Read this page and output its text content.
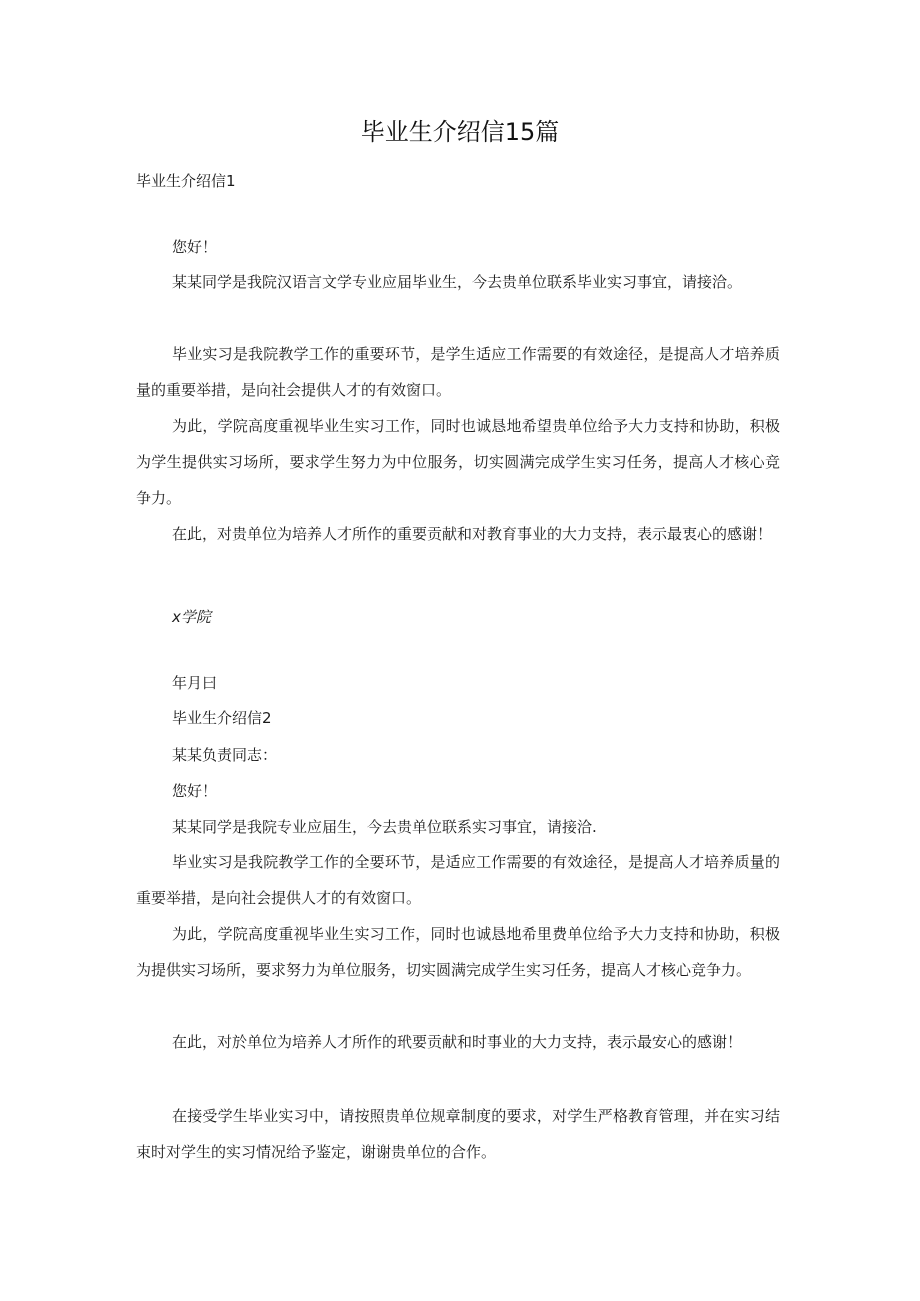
毕业生介绍信15篇
毕业生介绍信1
您好！
某某同学是我院汉语言文学专业应届毕业生，今去贵单位联系毕业实习事宜，请接洽。
毕业实习是我院教学工作的重要环节，是学生适应工作需要的有效途径，是提高人才培养质量的重要举措，是向社会提供人才的有效窗口。
为此，学院高度重视毕业生实习工作，同时也诚恳地希望贵单位给予大力支持和协助，积极为学生提供实习场所，要求学生努力为中位服务，切实圆满完成学生实习任务，提高人才核心竞争力。
在此，对贵单位为培养人才所作的重要贡献和对教育事业的大力支持，表示最衷心的感谢！
x学院
年月曰
毕业生介绍信2
某某负责同志：
您好！
某某同学是我院专业应届生，今去贵单位联系实习事宜，请接洽.
毕业实习是我院教学工作的全要环节，是适应工作需要的有效途径，是提高人才培养质量的重要举措，是向社会提供人才的有效窗口。
为此，学院高度重视毕业生实习工作，同时也诚恳地希里费单位给予大力支持和协助，积极为提供实习场所，要求努力为单位服务，切实圆满完成学生实习任务，提高人才核心竞争力。
在此，对於单位为培养人才所作的玳要贡献和时事业的大力支持，表示最安心的感谢！
在接受学生毕业实习中，请按照贵单位规章制度的要求，对学生严格教育管理，并在实习结束时对学生的实习情况给予鉴定，谢谢贵单位的合作。
